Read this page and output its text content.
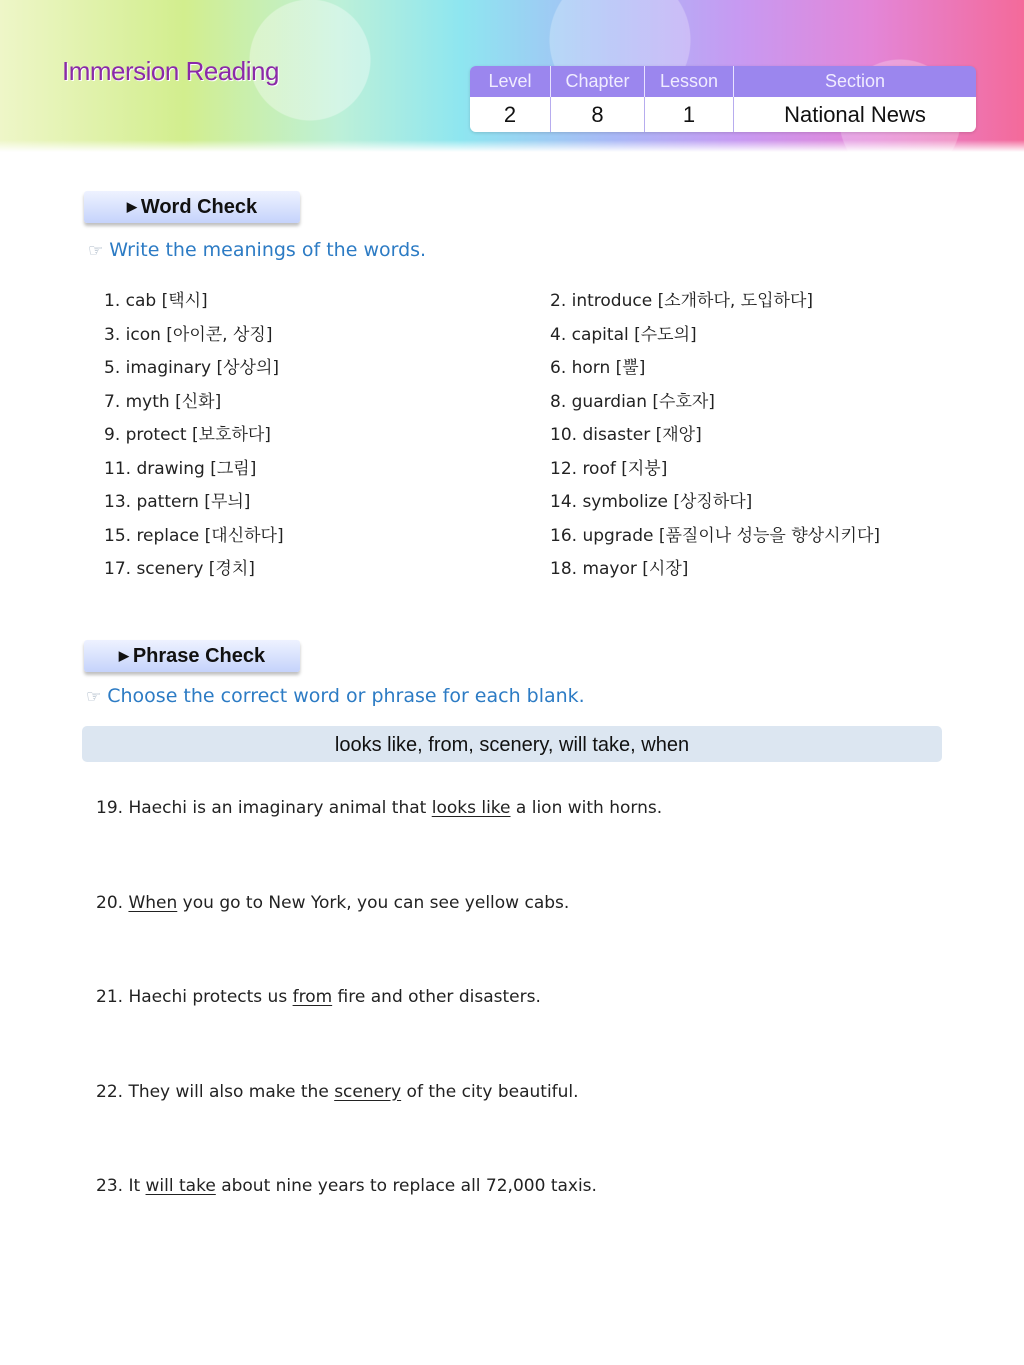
Immersion Reading	Level	Chapter	Lesson	Section
2	8	1	National News
▶ Word Check
☞ Write the meanings of the words.
1. cab [택시]	2. introduce [소개하다, 도입하다]
3. icon [아이콘, 상징]	4. capital [수도의]
5. imaginary [상상의]	6. horn [뿔]
7. myth [신화]	8. guardian [수호자]
9. protect [보호하다]	10. disaster [재앙]
11. drawing [그림]	12. roof [지붕]
13. pattern [무늬]	14. symbolize [상징하다]
15. replace [대신하다]	16. upgrade [품질이나 성능을 향상시키다]
17. scenery [경치]	18. mayor [시장]
▶ Phrase Check
☞ Choose the correct word or phrase for each blank.
looks like, from, scenery, will take, when
19. Haechi is an imaginary animal that looks like a lion with horns.
20. When you go to New York, you can see yellow cabs.
21. Haechi protects us from fire and other disasters.
22. They will also make the scenery of the city beautiful.
23. It will take about nine years to replace all 72,000 taxis.
